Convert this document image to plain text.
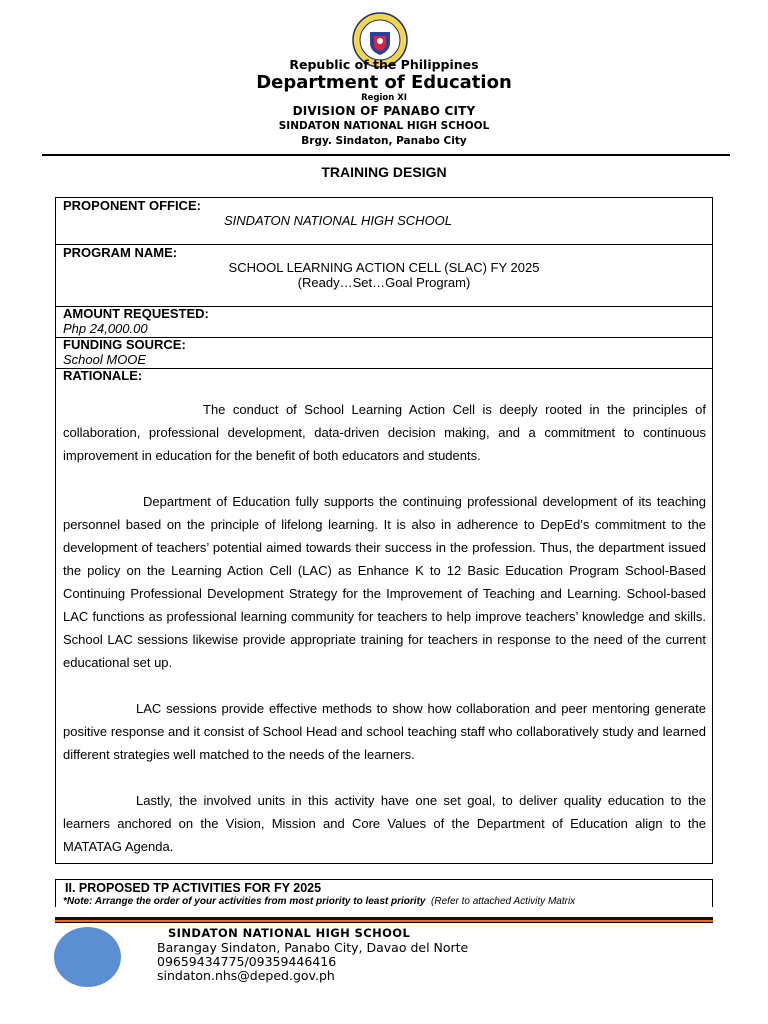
Republic of the Philippines
Department of Education
Region XI
DIVISION OF PANABO CITY
SINDATON NATIONAL HIGH SCHOOL
Brgy. Sindaton, Panabo City
TRAINING DESIGN
PROPONENT OFFICE:
SINDATON NATIONAL HIGH SCHOOL
PROGRAM NAME:
SCHOOL LEARNING ACTION CELL (SLAC) FY 2025
(Ready…Set…Goal Program)
AMOUNT REQUESTED:
Php 24,000.00
FUNDING SOURCE:
School MOOE
RATIONALE:

The conduct of School Learning Action Cell is deeply rooted in the principles of collaboration, professional development, data-driven decision making, and a commitment to continuous improvement in education for the benefit of both educators and students.

Department of Education fully supports the continuing professional development of its teaching personnel based on the principle of lifelong learning. It is also in adherence to DepEd’s commitment to the development of teachers’ potential aimed towards their success in the profession. Thus, the department issued the policy on the Learning Action Cell (LAC) as Enhance K to 12 Basic Education Program School-Based Continuing Professional Development Strategy for the Improvement of Teaching and Learning. School-based LAC functions as professional learning community for teachers to help improve teachers’ knowledge and skills. School LAC sessions likewise provide appropriate training for teachers in response to the need of the current educational set up.

LAC sessions provide effective methods to show how collaboration and peer mentoring generate positive response and it consist of School Head and school teaching staff who collaboratively study and learned different strategies well matched to the needs of the learners.

Lastly, the involved units in this activity have one set goal, to deliver quality education to the learners anchored on the Vision, Mission and Core Values of the Department of Education align to the MATATAG Agenda.

II. PROPOSED TP ACTIVITIES FOR FY 2025
*Note: Arrange the order of your activities from most priority to least priority (Refer to attached Activity Matrix
SINDATON NATIONAL HIGH SCHOOL
Barangay Sindaton, Panabo City, Davao del Norte
09659434775/09359446416
sindaton.nhs@deped.gov.ph
